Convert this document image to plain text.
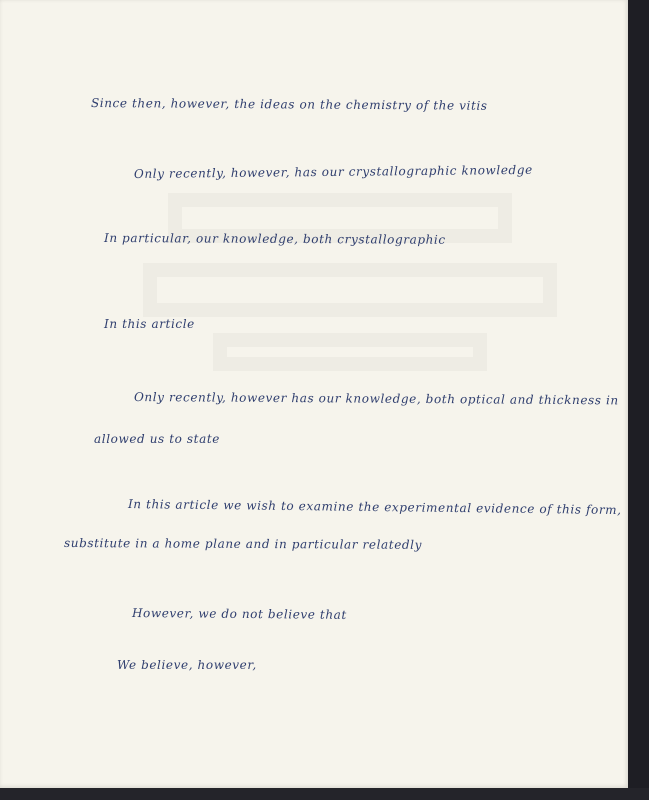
Since then, however, the ideas on the chemistry of the vitis
Only recently, however, has our crystallographic knowledge
In particular, our knowledge, both crystallographic
In this article
Only recently, however has our knowledge, both optical and thickness in
allowed us to state
In this article we wish to examine the experimental evidence of this form,
substitute in a home plane and in particular relatedly
However, we do not believe that
We believe, however,
